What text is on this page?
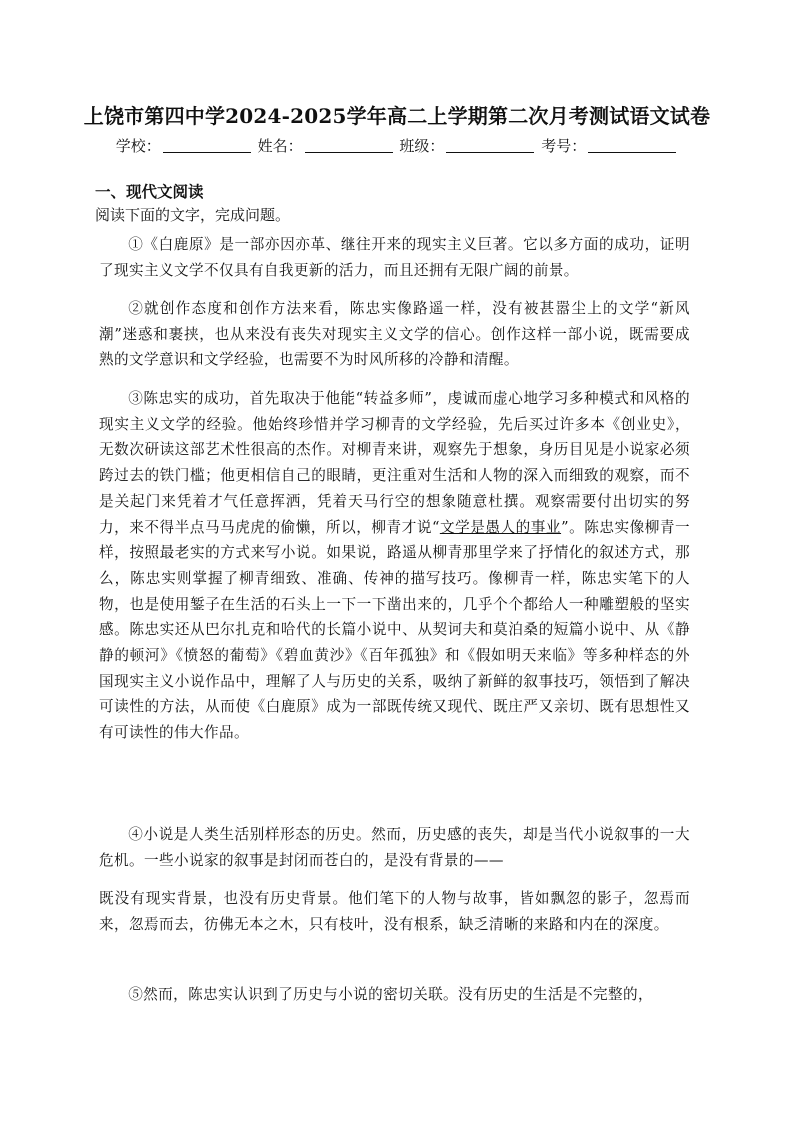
上饶市第四中学2024-2025学年高二上学期第二次月考测试语文试卷
学校：	姓名：	班级：	考号：
一、现代文阅读

阅读下面的文字，完成问题。

①《白鹿原》是一部亦因亦革、继往开来的现实主义巨著。它以多方面的成功，证明了现实主义文学不仅具有自我更新的活力，而且还拥有无限广阔的前景。

②就创作态度和创作方法来看，陈忠实像路遥一样，没有被甚嚣尘上的文学“新风潮”迷惑和裹挟，也从来没有丧失对现实主义文学的信心。创作这样一部小说，既需要成熟的文学意识和文学经验，也需要不为时风所移的冷静和清醒。

③陈忠实的成功，首先取决于他能“转益多师”，虔诚而虚心地学习多种模式和风格的现实主义文学的经验。他始终珍惜并学习柳青的文学经验，先后买过许多本《创业史》，无数次研读这部艺术性很高的杰作。对柳青来讲，观察先于想象，身历目见是小说家必须跨过去的铁门槛；他更相信自己的眼睛，更注重对生活和人物的深入而细致的观察，而不是关起门来凭着才气任意挥洒，凭着天马行空的想象随意杜撰。观察需要付出切实的努力，来不得半点马马虎虎的偷懒，所以，柳青才说“文学是愚人的事业”。陈忠实像柳青一样，按照最老实的方式来写小说。如果说，路遥从柳青那里学来了抒情化的叙述方式，那么，陈忠实则掌握了柳青细致、准确、传神的描写技巧。像柳青一样，陈忠实笔下的人物，也是使用錾子在生活的石头上一下一下凿出来的，几乎个个都给人一种雕塑般的坚实感。陈忠实还从巴尔扎克和哈代的长篇小说中、从契诃夫和莫泊桑的短篇小说中、从《静静的顿河》《愤怒的葡萄》《碧血黄沙》《百年孤独》和《假如明天来临》等多种样态的外国现实主义小说作品中，理解了人与历史的关系，吸纳了新鲜的叙事技巧，领悟到了解决可读性的方法，从而使《白鹿原》成为一部既传统又现代、既庄严又亲切、既有思想性又有可读性的伟大作品。

④小说是人类生活别样形态的历史。然而，历史感的丧失，却是当代小说叙事的一大危机。一些小说家的叙事是封闭而苍白的，是没有背景的——

既没有现实背景，也没有历史背景。他们笔下的人物与故事，皆如飘忽的影子，忽焉而来，忽焉而去，彷佛无本之木，只有枝叶，没有根系，缺乏清晰的来路和内在的深度。

⑤然而，陈忠实认识到了历史与小说的密切关联。没有历史的生活是不完整的，
